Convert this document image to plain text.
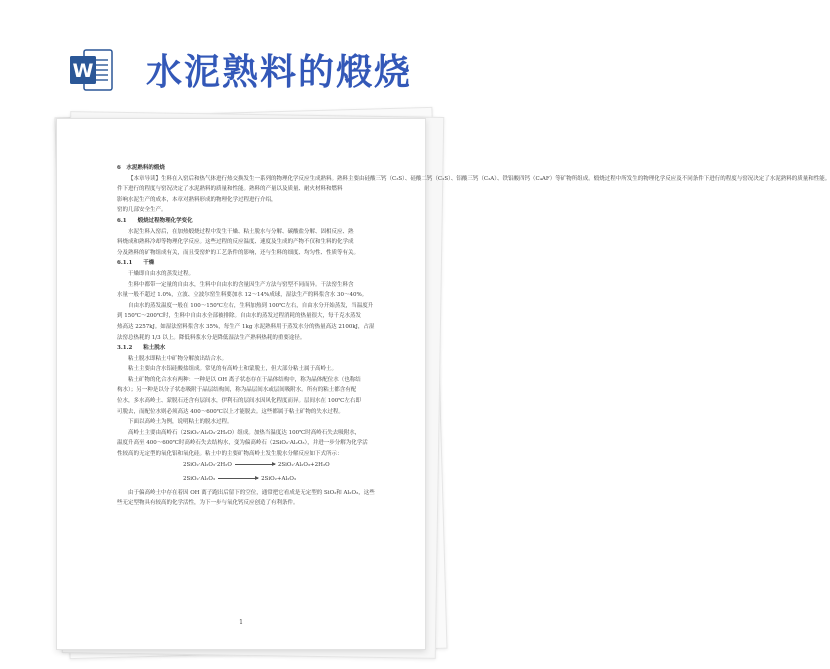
W 水泥熟料的煅烧
6　水泥熟料的煅烧
【本章导读】生料在入窑后和热气体进行热交换发生一系列的物理化学反应生成熟料。熟料主要由硅酸三钙（C₃S）、硅酸二钙（C₂S）、铝酸三钙（C₃A）、铁铝酸四钙（C₄AF）等矿物所组成。煅烧过程中所发生的物理化学反应及不同条件下进行的程度与窑况决定了水泥熟料的质量和性能。
件下进行的程度与窑况决定了水泥熟料的质量和性能。熟料的产量以及质量、耐火材料和燃料
影响水泥生产的成本，本章对熟料形成的物理化学过程进行介绍，
窑的几部安全生产。
6.1　　煅烧过程物理化学变化
水泥生料入窑后，在加热煅烧过程中发生干燥、粘土脱水与分解、碳酸盐分解、固相反应、熟
料烧成和熟料冷却等物理化学反应。这些过程的反应温度、速度及生成的产物不仅和生料的化学成
分及熟料的矿物组成有关，而且受窑炉的工艺条件的影响，还与生料的细度、均匀性、性质等有关。
6.1.1　　干燥
干燥即自由水的蒸发过程。
生料中都带一定量的自由水，生料中自由水的含量因生产方法与窑型不同而异。干法窑生料含
水量一般不超过 1.0%，立波、立波尔窑生料要加水 12～14%成球，湿法生产的料浆含水 30～40%。
自由水的蒸发温度一般在 100～150℃左右，生料加热到 100℃左右，自由水分开始蒸发，当温度升
到 150℃～200℃时，生料中自由水全部被排除。自由水的蒸发过程消耗的热量很大，每千克水蒸发
热高达 2257kJ。如湿法窑料浆含水 35%，每生产 1kg 水泥熟料用于蒸发水分的热量高达 2100kJ，占湿
法窑总热耗的 1/3 以上。降低料浆水分是降低湿法生产熟料热耗的重要途径。
3.1.2　　粘土脱水
粘土脱水即粘土中矿物分解放出结合水。
粘土主要由含水铝硅酸盐组成。常见的有高岭土和蒙脱土，但大部分粘土属于高岭土。
粘土矿物的化合水有两种：一种是以 OH 离子状态存在于晶体结构中，称为晶体配位水（也称结
构水）；另一种是以分子状态吸附于晶层结构间，称为晶层间水或层间吸附水。所有的粘土都含有配
位水，多水高岭土、蒙脱石还含有层间水，伊利石的层间水因风化程度而异。层间水在 100℃左右即
可脱去，而配位水则必须高达 400～600℃以上才能脱去。这些都属于粘土矿物的失水过程。
下面以高岭土为例，说明粘土的脱水过程。
高岭土主要由高岭石（2SiO₂·Al₂O₃·2H₂O）组成。加热当温度达 100℃时高岭石失去吸附水，
温度升高至 400～600℃时高岭石失去结构水，变为偏高岭石（2SiO₂·Al₂O₃），并进一步分解为化学活
性较高的无定型的氧化铝和氧化硅。粘土中的主要矿物高岭土发生脱水分解反应如下式所示：
2SiO₂·Al₂O₃·2H₂O	2SiO₂·Al₂O₃+2H₂O
2SiO₂·Al₂O₃	2SiO₂+Al₂O₃
由于偏高岭土中存在着因 OH 离子跑出后留下的空位，通常把它看成是无定型的 SiO₂和 Al₂O₃，这些
些无定型物具有较高的化学活性，为下一步与氧化钙反应创造了有利条件。
1
